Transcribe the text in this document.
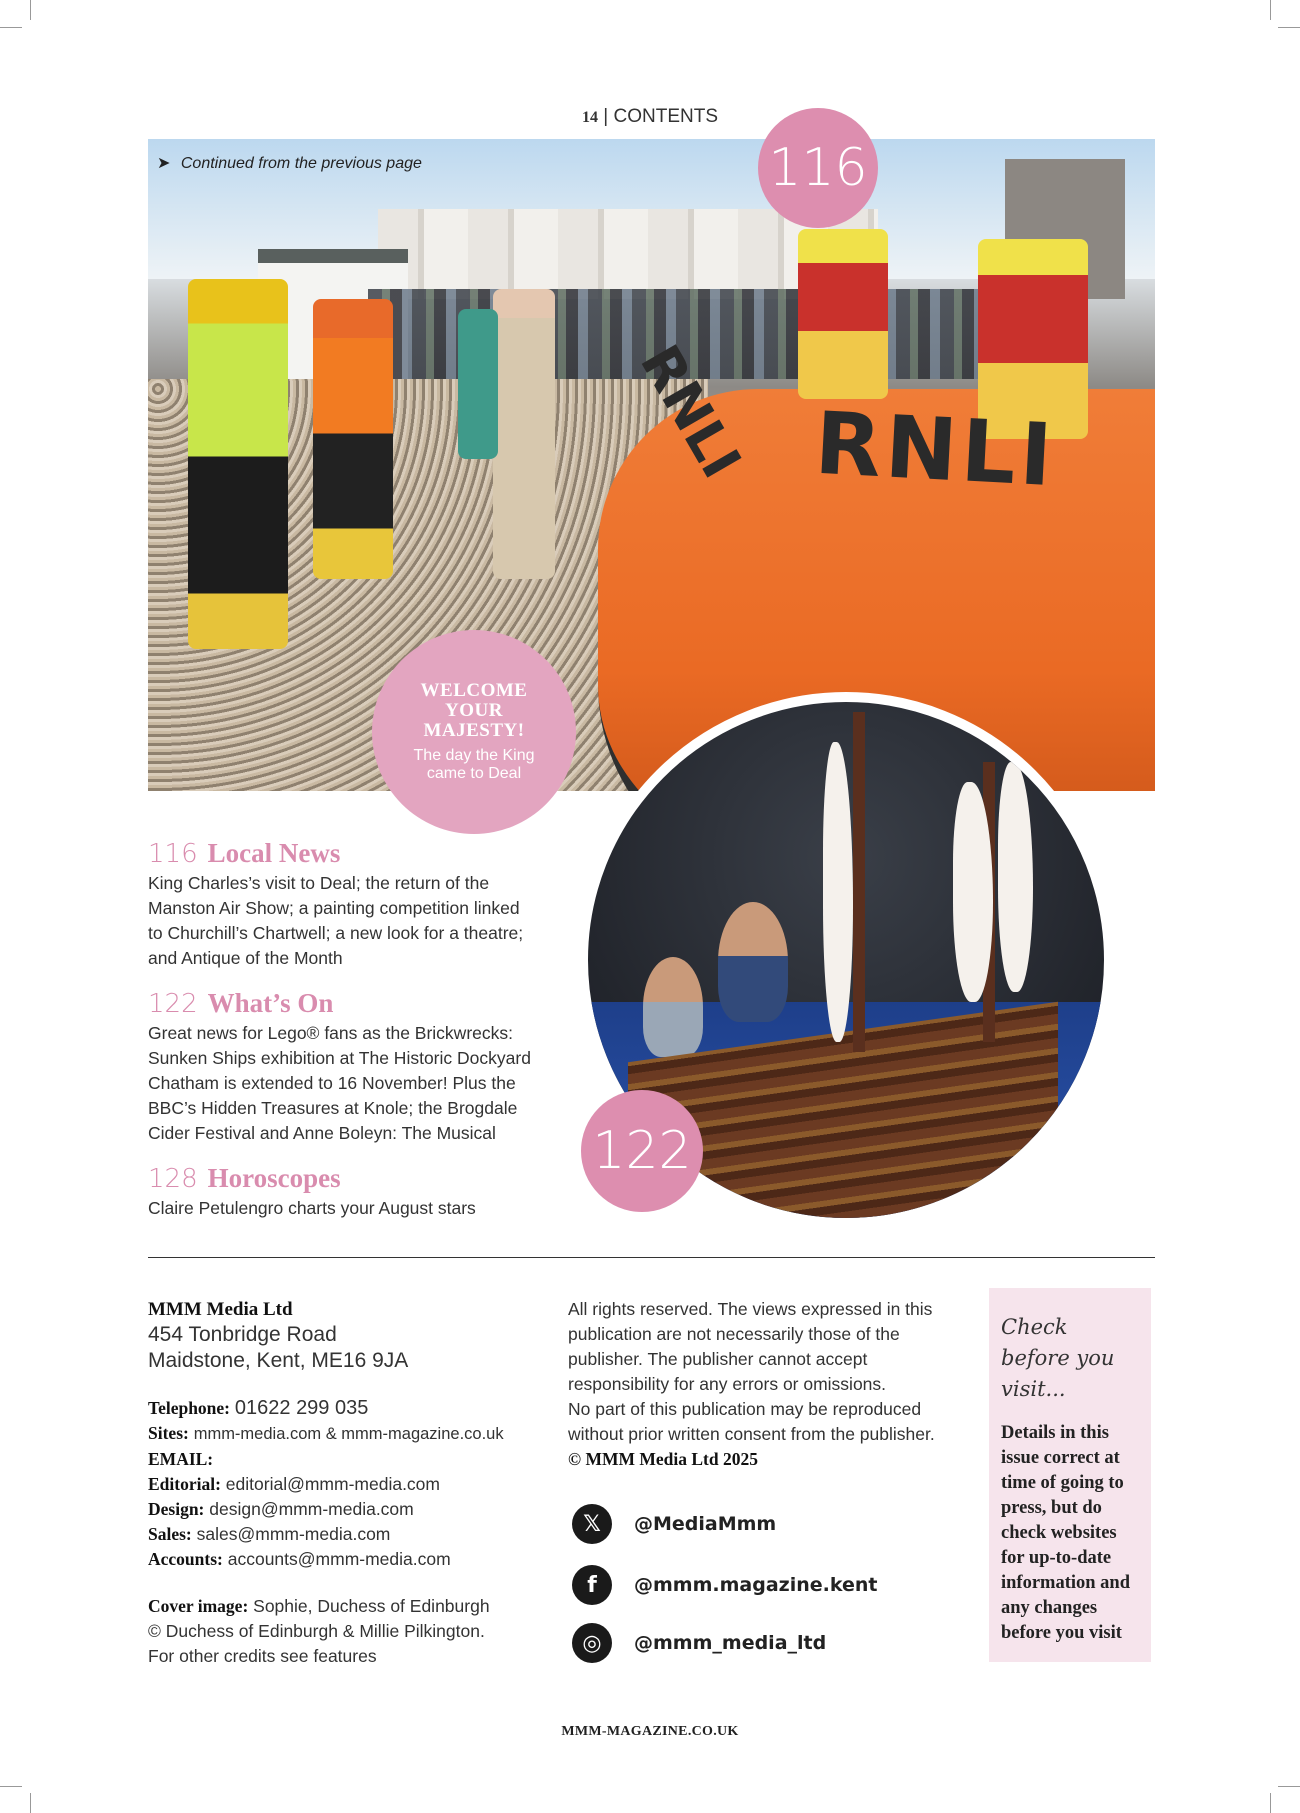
14 | CONTENTS
RNLI
RNLI
➤ Continued from the previous page	116
WELCOME YOUR MAJESTY!
The day the King came to Deal
122
116 Local News
King Charles’s visit to Deal; the return of the Manston Air Show; a painting competition linked to Churchill’s Chartwell; a new look for a theatre; and Antique of the Month
122 What’s On
Great news for Lego® fans as the Brickwrecks: Sunken Ships exhibition at The Historic Dockyard Chatham is extended to 16 November! Plus the BBC’s Hidden Treasures at Knole; the Brogdale Cider Festival and Anne Boleyn: The Musical
128 Horoscopes
Claire Petulengro charts your August stars
MMM Media Ltd
454 Tonbridge Road
Maidstone, Kent, ME16 9JA
Telephone: 01622 299 035
Sites: mmm-media.com & mmm-magazine.co.uk
EMAIL:
Editorial: editorial@mmm-media.com
Design: design@mmm-media.com
Sales: sales@mmm-media.com
Accounts: accounts@mmm-media.com
Cover image: Sophie, Duchess of Edinburgh
© Duchess of Edinburgh & Millie Pilkington.
For other credits see features
All rights reserved. The views expressed in this publication are not necessarily those of the publisher. The publisher cannot accept responsibility for any errors or omissions.
No part of this publication may be reproduced without prior written consent from the publisher.
© MMM Media Ltd 2025
𝕏	@MediaMmm
f	@mmm.magazine.kent
◎	@mmm_media_ltd
Check before you visit...
Details in this issue correct at time of going to press, but do check websites for up-to-date information and any changes before you visit
MMM-MAGAZINE.CO.UK
